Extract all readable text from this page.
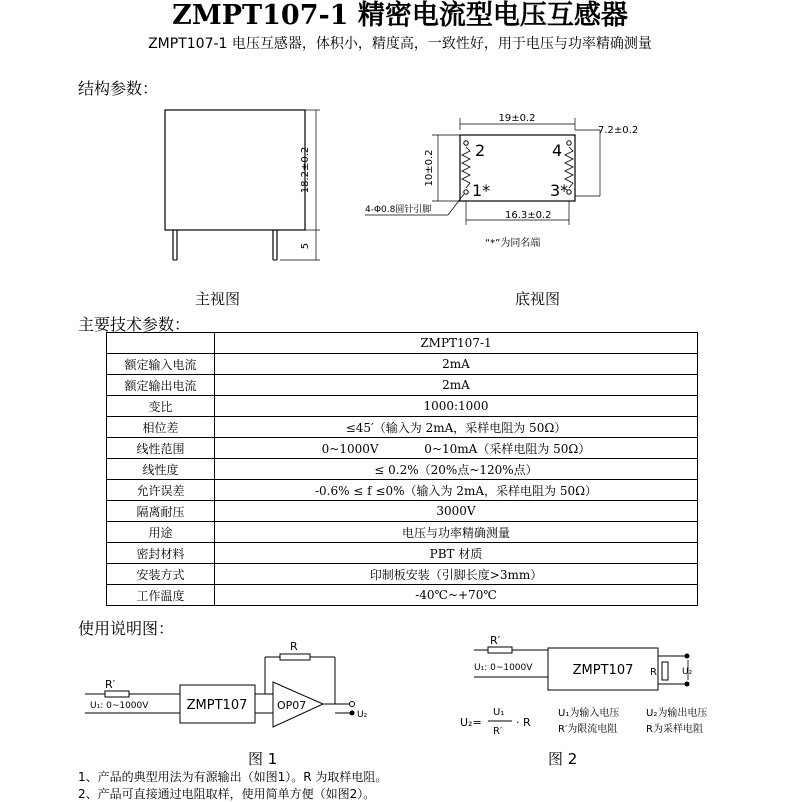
ZMPT107-1 精密电流型电压互感器
ZMPT107-1 电压互感器，体积小，精度高，一致性好，用于电压与功率精确测量
结构参数：
18.2±0.2
5
主视图
19±0.2
7.2±0.2
10±0.2	2	4
1*	3*
16.3±0.2
4-Φ0.8圆针引脚
“*”为同名端
底视图
主要技术参数：
	ZMPT107-1
额定输入电流	2mA
额定输出电流	2mA
变比	1000:1000
相位差	≤45′（输入为 2mA，采样电阻为 50Ω）
线性范围	0~1000V            0~10mA（采样电阻为 50Ω）
线性度	≤ 0.2%（20%点~120%点）
允许误差	-0.6% ≤ f ≤0%（输入为 2mA，采样电阻为 50Ω）
隔离耐压	3000V
用途	电压与功率精确测量
密封材料	PBT 材质
安装方式	印制板安装（引脚长度>3mm）
工作温度	-40℃~+70℃
使用说明图：
R′
U₁: 0~1000V	ZMPT107	OP07
R
U₂
图 1
R′
U₁: 0~1000V	ZMPT107 R	U₂
U₂=
U₁
R′
· R
U₁为输入电压	U₂为输出电压
R′为限流电阻	R为采样电阻
图 2
1、产品的典型用法为有源输出（如图1）。R 为取样电阻。
2、产品可直接通过电阻取样，使用简单方便（如图2）。
